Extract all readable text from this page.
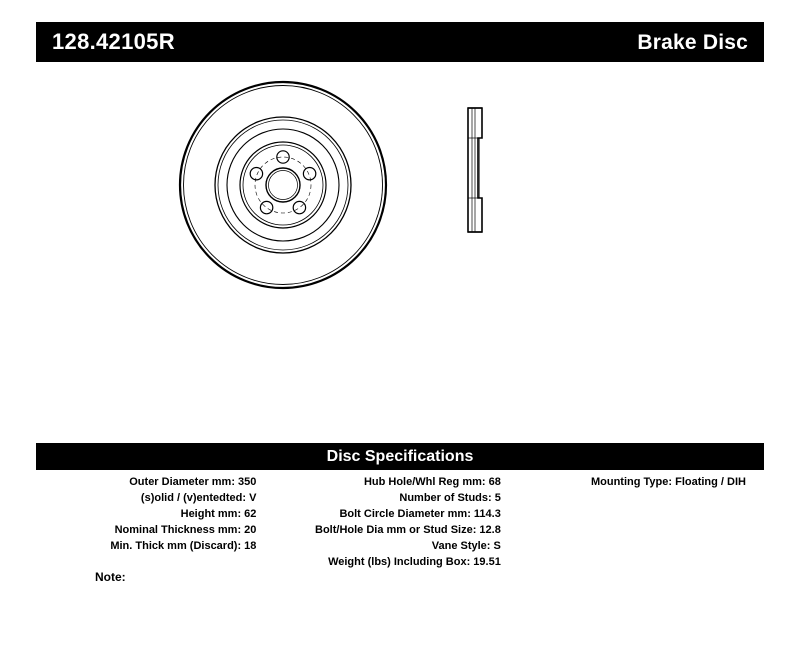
128.42105R	Brake Disc
Disc Specifications
Outer Diameter mm: 350
(s)olid / (v)entedted: V
Height mm: 62
Nominal Thickness mm: 20
Min. Thick mm (Discard): 18
Hub Hole/Whl Reg mm: 68
Number of Studs: 5
Bolt Circle Diameter mm: 114.3
Bolt/Hole Dia mm or Stud Size: 12.8
Vane Style: S
Weight (lbs) Including Box: 19.51
Mounting Type: Floating / DIH
Note:
